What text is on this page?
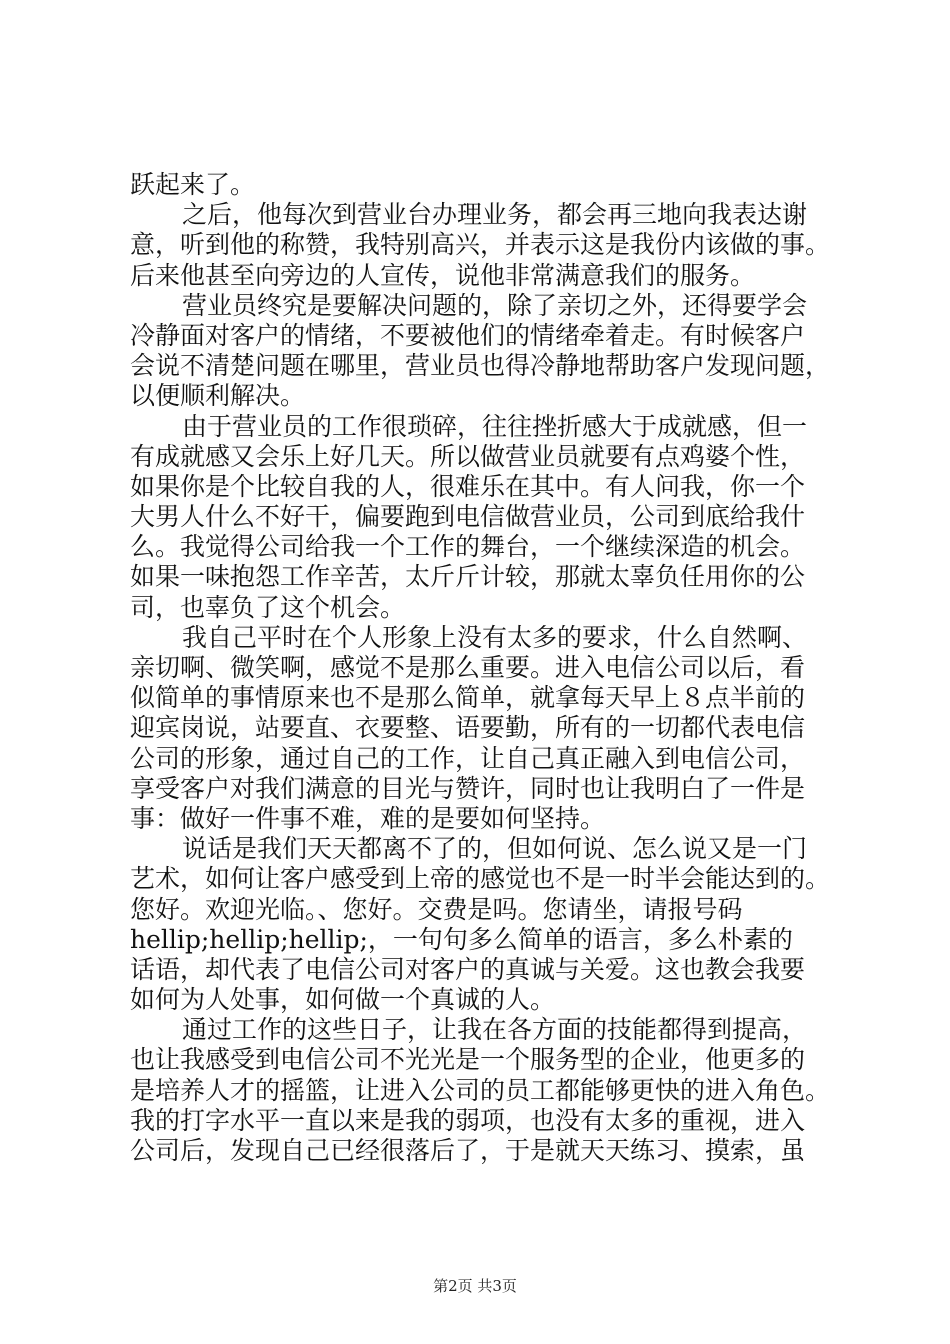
跃起来了。
之后，他每次到营业台办理业务，都会再三地向我表达谢
意，听到他的称赞，我特别高兴，并表示这是我份内该做的事。
后来他甚至向旁边的人宣传，说他非常满意我们的服务。
营业员终究是要解决问题的，除了亲切之外，还得要学会
冷静面对客户的情绪，不要被他们的情绪牵着走。有时候客户
会说不清楚问题在哪里，营业员也得冷静地帮助客户发现问题，
以便顺利解决。
由于营业员的工作很琐碎，往往挫折感大于成就感，但一
有成就感又会乐上好几天。所以做营业员就要有点鸡婆个性，
如果你是个比较自我的人，很难乐在其中。有人问我，你一个
大男人什么不好干，偏要跑到电信做营业员，公司到底给我什
么。我觉得公司给我一个工作的舞台，一个继续深造的机会。
如果一味抱怨工作辛苦，太斤斤计较，那就太辜负任用你的公
司，也辜负了这个机会。
我自己平时在个人形象上没有太多的要求，什么自然啊、
亲切啊、微笑啊，感觉不是那么重要。进入电信公司以后，看
似简单的事情原来也不是那么简单，就拿每天早上８点半前的
迎宾岗说，站要直、衣要整、语要勤，所有的一切都代表电信
公司的形象，通过自己的工作，让自己真正融入到电信公司，
享受客户对我们满意的目光与赞许，同时也让我明白了一件是
事：做好一件事不难，难的是要如何坚持。
说话是我们天天都离不了的，但如何说、怎么说又是一门
艺术，如何让客户感受到上帝的感觉也不是一时半会能达到的。
您好。欢迎光临。、您好。交费是吗。您请坐，请报号码
hellip;hellip;hellip;，一句句多么简单的语言，多么朴素的
话语，却代表了电信公司对客户的真诚与关爱。这也教会我要
如何为人处事，如何做一个真诚的人。
通过工作的这些日子，让我在各方面的技能都得到提高，
也让我感受到电信公司不光光是一个服务型的企业，他更多的
是培养人才的摇篮，让进入公司的员工都能够更快的进入角色。
我的打字水平一直以来是我的弱项，也没有太多的重视，进入
公司后，发现自己已经很落后了，于是就天天练习、摸索，虽
第2页 共3页
